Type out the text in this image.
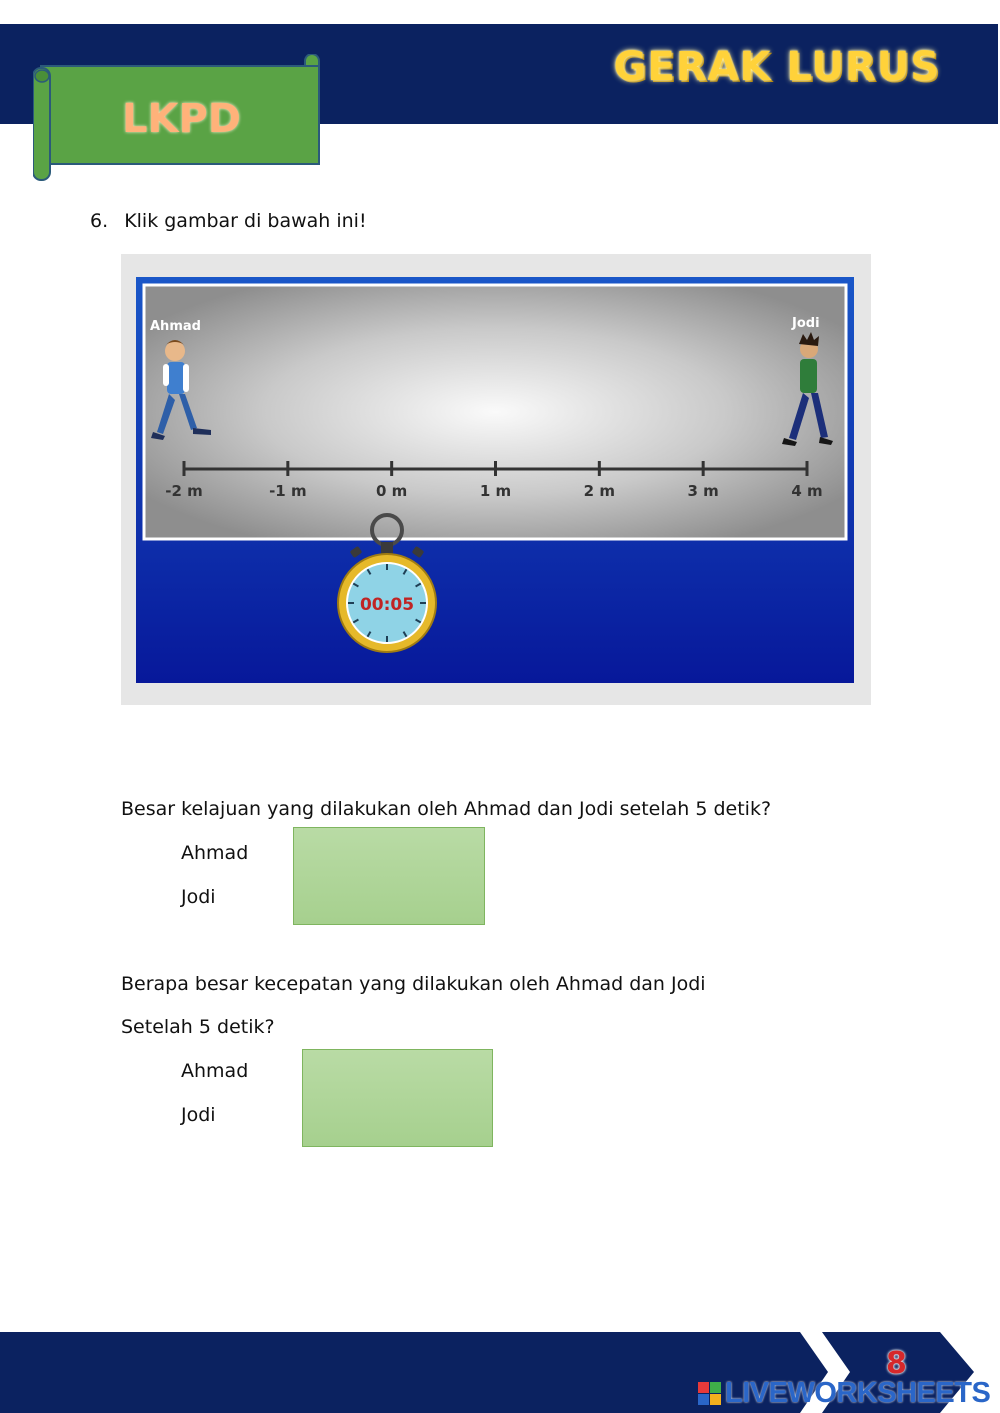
GERAK LURUS
LKPD
6. Klik gambar di bawah ini!
Ahmad	Jodi
-2 m	-1 m	0 m	1 m	2 m	3 m	4 m
00:05
Besar kelajuan yang dilakukan oleh Ahmad dan Jodi setelah 5 detik?
Ahmad
Jodi
Berapa besar kecepatan yang dilakukan oleh Ahmad dan Jodi
Setelah 5 detik?
Ahmad
Jodi
8
LIVEWORKSHEETS
